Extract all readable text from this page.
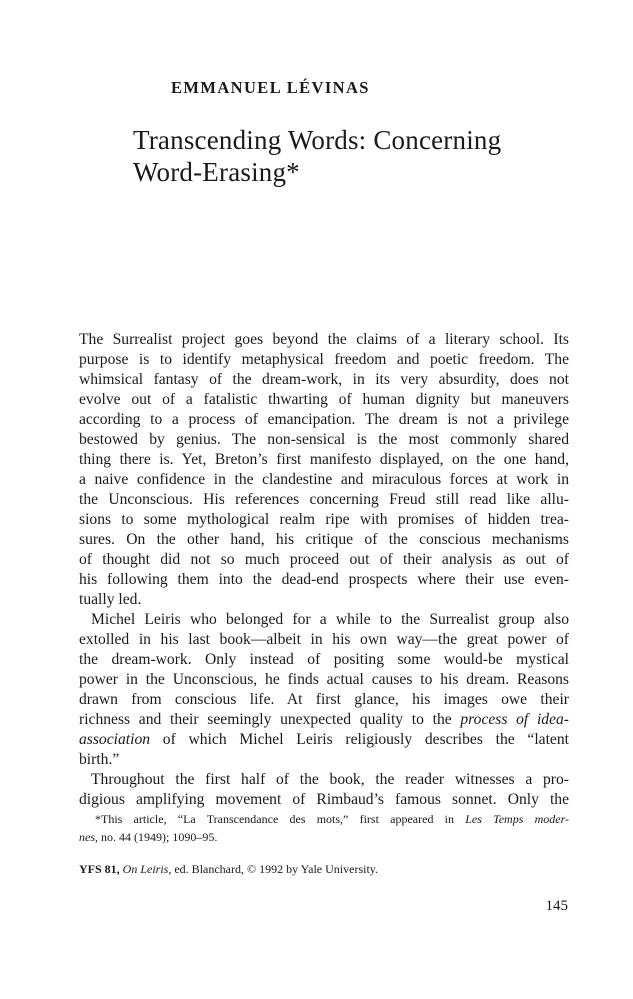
EMMANUEL LÉVINAS
Transcending Words: Concerning
Word-Erasing*

The Surrealist project goes beyond the claims of a literary school. Its
purpose is to identify metaphysical freedom and poetic freedom. The
whimsical fantasy of the dream-work, in its very absurdity, does not
evolve out of a fatalistic thwarting of human dignity but maneuvers
according to a process of emancipation. The dream is not a privilege
bestowed by genius. The non-sensical is the most commonly shared
thing there is. Yet, Breton’s first manifesto displayed, on the one hand,
a naive confidence in the clandestine and miraculous forces at work in
the Unconscious. His references concerning Freud still read like allu-
sions to some mythological realm ripe with promises of hidden trea-
sures. On the other hand, his critique of the conscious mechanisms
of thought did not so much proceed out of their analysis as out of
his following them into the dead-end prospects where their use even-
tually led.

Michel Leiris who belonged for a while to the Surrealist group also
extolled in his last book—albeit in his own way—the great power of
the dream-work. Only instead of positing some would-be mystical
power in the Unconscious, he finds actual causes to his dream. Reasons
drawn from conscious life. At first glance, his images owe their
richness and their seemingly unexpected quality to the process of idea-
association of which Michel Leiris religiously describes the “latent
birth.”

Throughout the first half of the book, the reader witnesses a pro-
digious amplifying movement of Rimbaud’s famous sonnet. Only the

*This article, “La Transcendance des mots,” first appeared in Les Temps moder-
nes, no. 44 (1949); 1090–95.
YFS 81, On Leiris, ed. Blanchard, © 1992 by Yale University.
145
